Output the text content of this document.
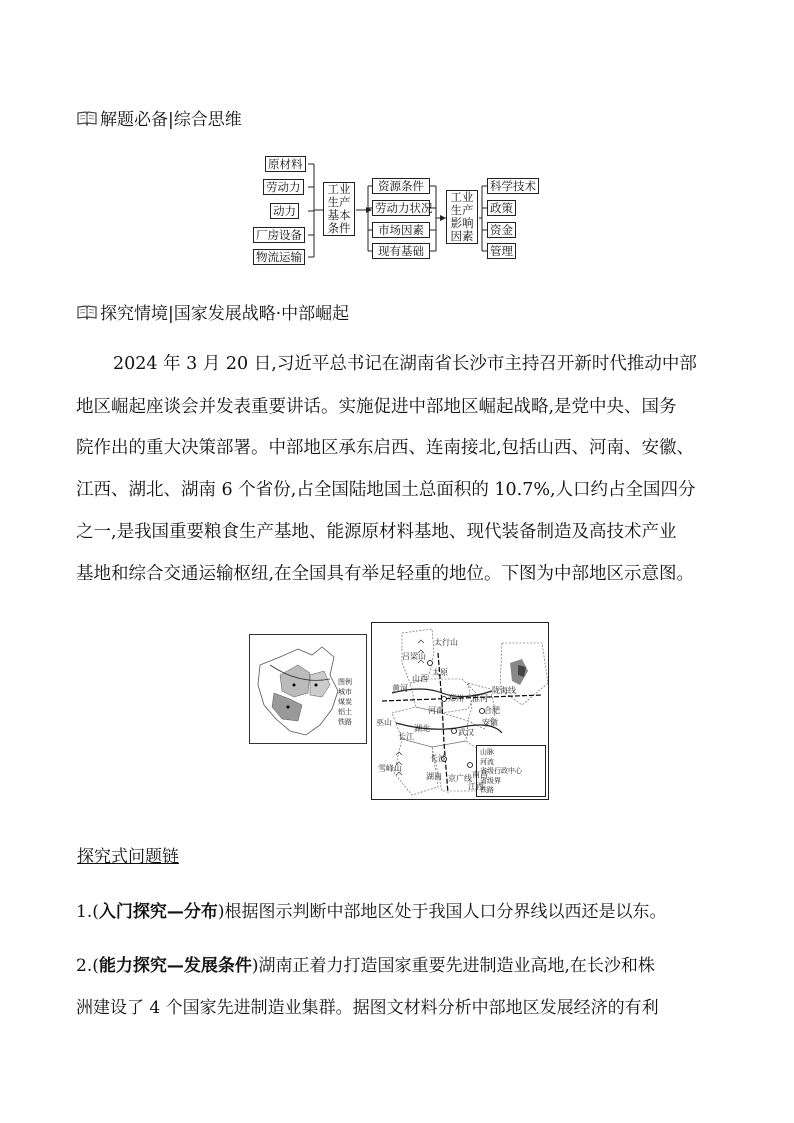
解题必备|综合思维
原材料
劳动力
动力
厂房设备
物流运输
工业生产基本条件
资源条件
劳动力状况
市场因素
现有基础
工业生产影响因素
科学技术
政策
资金
管理
探究情境|国家发展战略·中部崛起
2024 年 3 月 20 日,习近平总书记在湖南省长沙市主持召开新时代推动中部
地区崛起座谈会并发表重要讲话。实施促进中部地区崛起战略,是党中央、国务
院作出的重大决策部署。中部地区承东启西、连南接北,包括山西、河南、安徽、
江西、湖北、湖南 6 个省份,占全国陆地国土总面积的 10.7%,人口约占全国四分
之一,是我国重要粮食生产基地、能源原材料基地、现代装备制造及高技术产业
基地和综合交通运输枢纽,在全国具有举足轻重的地位。下图为中部地区示意图。
图例
城市
煤炭
铝土
铁路
山脉
河流
省级行政中心
省级界
铁路
吕梁山
太行山
山西
黄河
太原
郑州
河南	合肥
安徽
湖北	武汉
长沙
湖南	南昌
江西
巫山
雪峰山
长江
陇海线
京广线
淮河
探究式问题链
1.(入门探究—分布)根据图示判断中部地区处于我国人口分界线以西还是以东。
2.(能力探究—发展条件)湖南正着力打造国家重要先进制造业高地,在长沙和株
洲建设了 4 个国家先进制造业集群。据图文材料分析中部地区发展经济的有利
